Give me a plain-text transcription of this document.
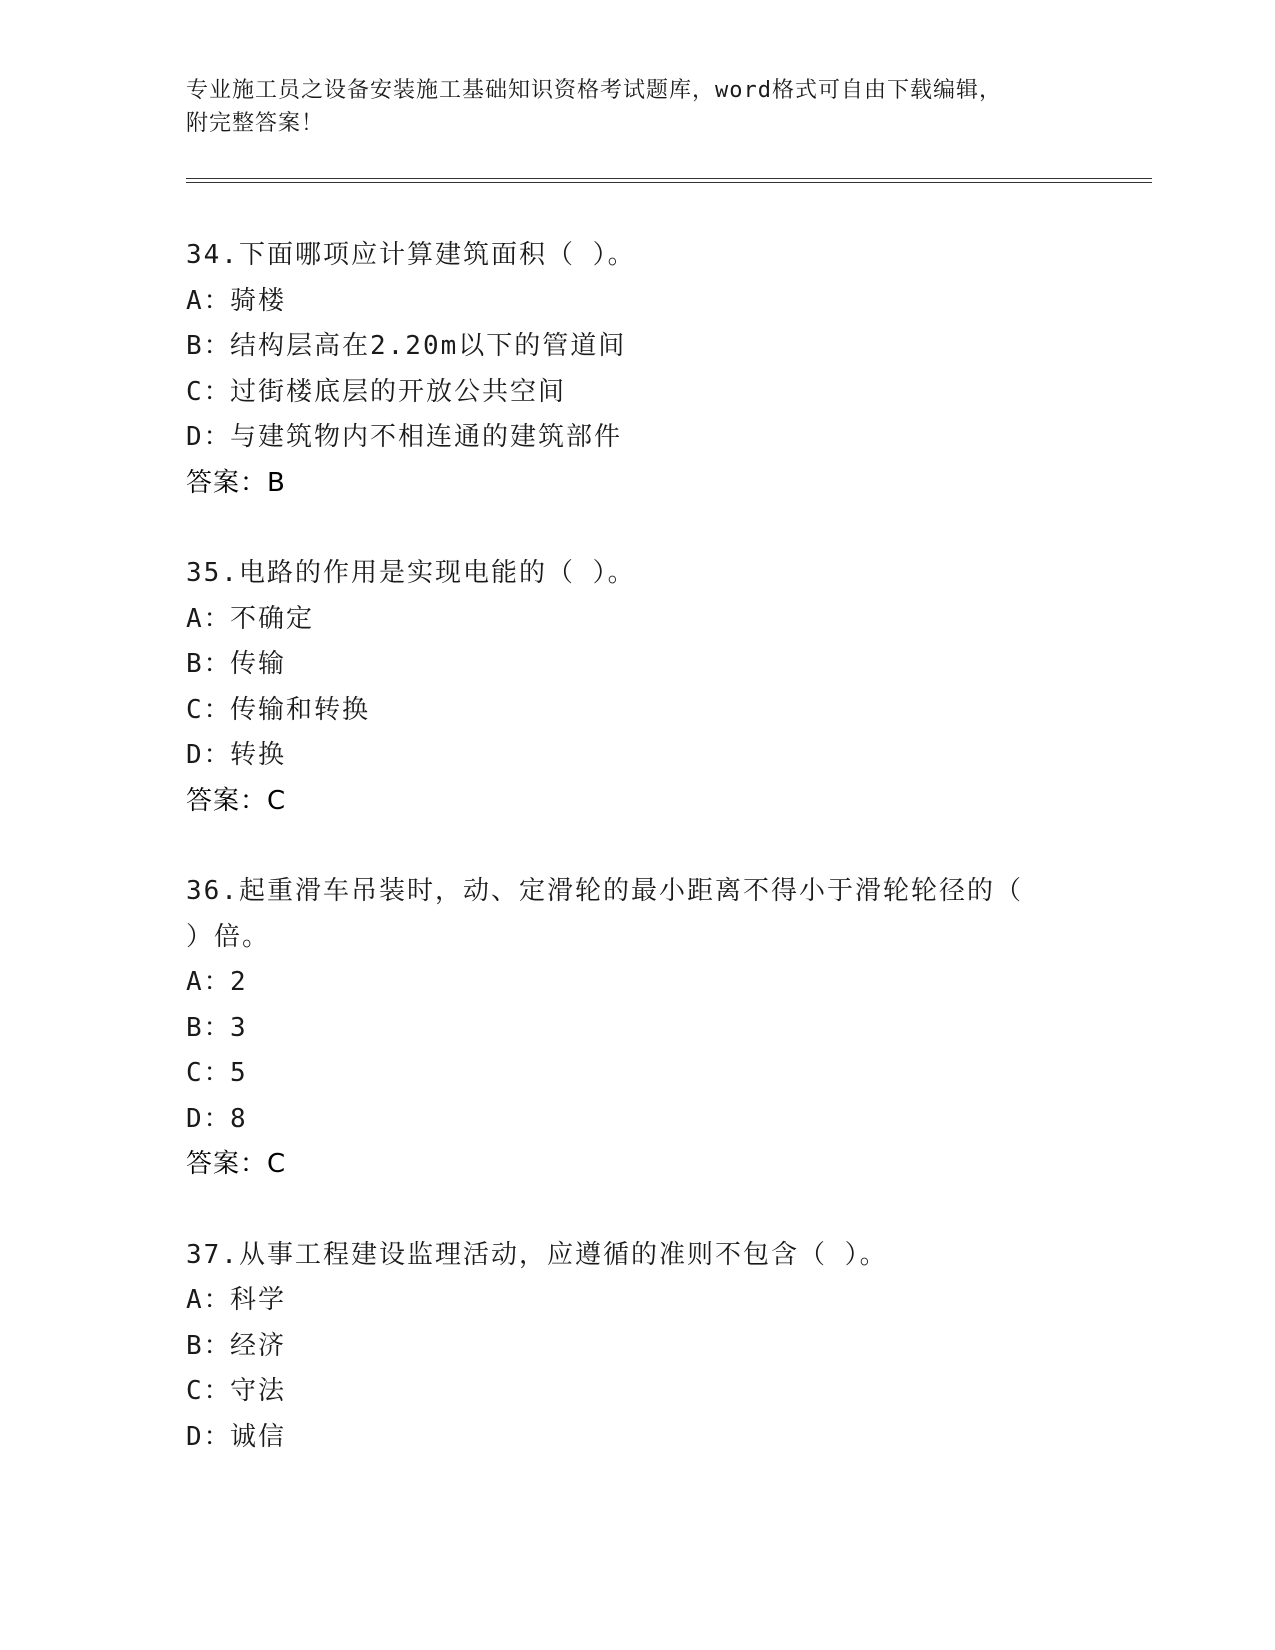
专业施工员之设备安装施工基础知识资格考试题库，word格式可自由下载编辑，
附完整答案！
34.下面哪项应计算建筑面积（ ）。
A：骑楼
B：结构层高在2.20m以下的管道间
C：过街楼底层的开放公共空间
D：与建筑物内不相连通的建筑部件
答案：B
35.电路的作用是实现电能的（ ）。
A：不确定
B：传输
C：传输和转换
D：转换
答案：C
36.起重滑车吊装时，动、定滑轮的最小距离不得小于滑轮轮径的（ ）倍。
A：2
B：3
C：5
D：8
答案：C
37.从事工程建设监理活动，应遵循的准则不包含（ ）。
A：科学
B：经济
C：守法
D：诚信
